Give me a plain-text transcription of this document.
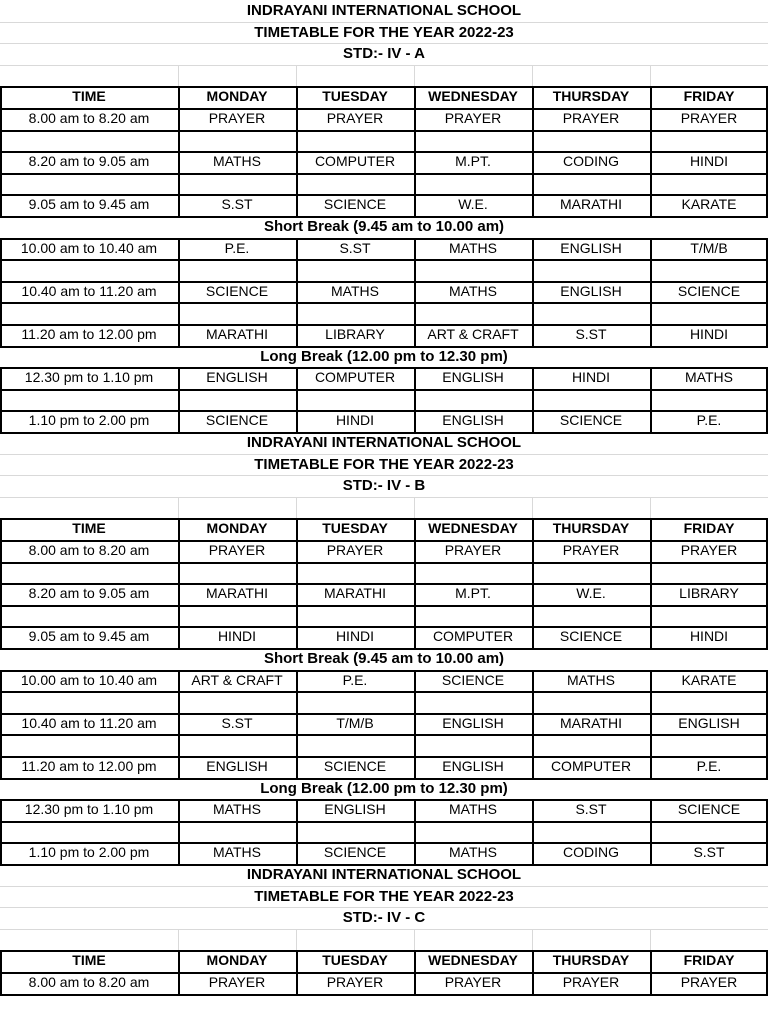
INDRAYANI INTERNATIONAL SCHOOL
TIMETABLE FOR THE YEAR 2022-23
STD:- IV - A
TIME	MONDAY	TUESDAY	WEDNESDAY	THURSDAY	FRIDAY
8.00 am to 8.20 am	PRAYER	PRAYER	PRAYER	PRAYER	PRAYER
8.20 am to 9.05 am	MATHS	COMPUTER	M.PT.	CODING	HINDI
9.05 am to 9.45 am	S.ST	SCIENCE	W.E.	MARATHI	KARATE
Short Break (9.45 am to 10.00 am)
10.00 am to 10.40 am	P.E.	S.ST	MATHS	ENGLISH	T/M/B
10.40 am to 11.20 am	SCIENCE	MATHS	MATHS	ENGLISH	SCIENCE
11.20 am to 12.00 pm	MARATHI	LIBRARY	ART & CRAFT	S.ST	HINDI
Long Break (12.00 pm to 12.30 pm)
12.30 pm to 1.10 pm	ENGLISH	COMPUTER	ENGLISH	HINDI	MATHS
1.10 pm to 2.00 pm	SCIENCE	HINDI	ENGLISH	SCIENCE	P.E.
INDRAYANI INTERNATIONAL SCHOOL
TIMETABLE FOR THE YEAR 2022-23
STD:- IV - B
TIME	MONDAY	TUESDAY	WEDNESDAY	THURSDAY	FRIDAY
8.00 am to 8.20 am	PRAYER	PRAYER	PRAYER	PRAYER	PRAYER
8.20 am to 9.05 am	MARATHI	MARATHI	M.PT.	W.E.	LIBRARY
9.05 am to 9.45 am	HINDI	HINDI	COMPUTER	SCIENCE	HINDI
Short Break (9.45 am to 10.00 am)
10.00 am to 10.40 am	ART & CRAFT	P.E.	SCIENCE	MATHS	KARATE
10.40 am to 11.20 am	S.ST	T/M/B	ENGLISH	MARATHI	ENGLISH
11.20 am to 12.00 pm	ENGLISH	SCIENCE	ENGLISH	COMPUTER	P.E.
Long Break (12.00 pm to 12.30 pm)
12.30 pm to 1.10 pm	MATHS	ENGLISH	MATHS	S.ST	SCIENCE
1.10 pm to 2.00 pm	MATHS	SCIENCE	MATHS	CODING	S.ST
INDRAYANI INTERNATIONAL SCHOOL
TIMETABLE FOR THE YEAR 2022-23
STD:- IV - C
TIME	MONDAY	TUESDAY	WEDNESDAY	THURSDAY	FRIDAY
8.00 am to 8.20 am	PRAYER	PRAYER	PRAYER	PRAYER	PRAYER
